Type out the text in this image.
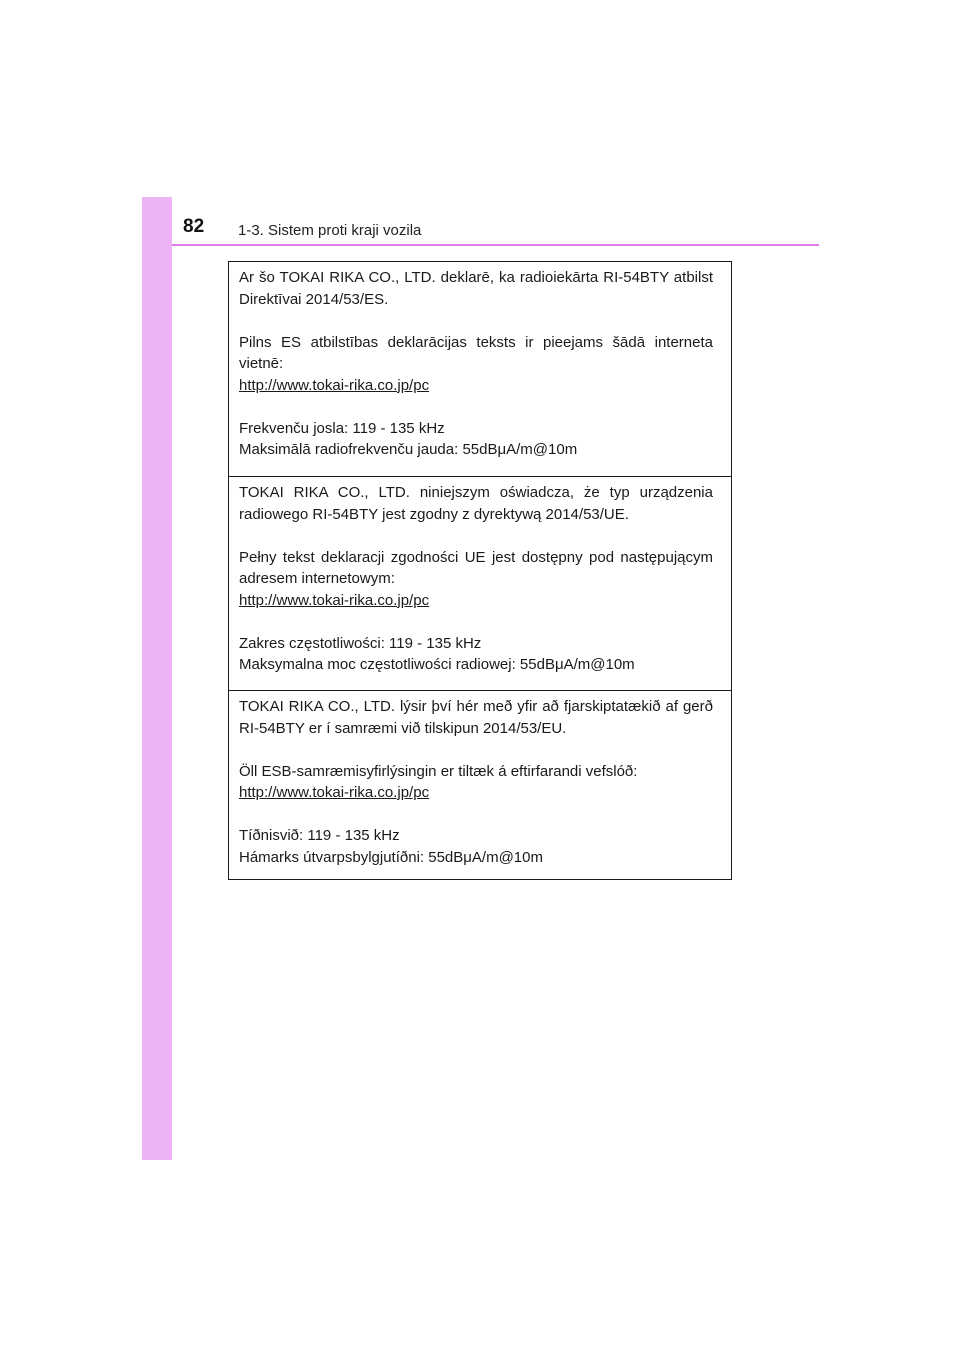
82 1-3. Sistem proti kraji vozila

Ar šo TOKAI RIKA CO., LTD. deklarē, ka radioiekārta RI-54BTY atbilst Direktīvai 2014/53/ES.

Pilns ES atbilstības deklarācijas teksts ir pieejams šādā interneta

vietnē:
http://www.tokai-rika.co.jp/pc
Frekvenču josla: 119 - 135 kHz
Maksimālā radiofrekvenču jauda: 55dBμA/m@10m

TOKAI RIKA CO., LTD. niniejszym oświadcza, że typ urządzenia radiowego RI-54BTY jest zgodny z dyrektywą 2014/53/UE.

Pełny tekst deklaracji zgodności UE jest dostępny pod następującym adresem internetowym:

http://www.tokai-rika.co.jp/pc
Zakres częstotliwości: 119 - 135 kHz
Maksymalna moc częstotliwości radiowej: 55dBμA/m@10m

TOKAI RIKA CO., LTD. lýsir því hér með yfir að fjarskiptatækið af gerð RI-54BTY er í samræmi við tilskipun 2014/53/EU.

Öll ESB-samræmisyfirlýsingin er tiltæk á eftirfarandi vefslóð:

http://www.tokai-rika.co.jp/pc
Tíðnisvið: 119 - 135 kHz
Hámarks útvarpsbylgjutíðni: 55dBμA/m@10m
